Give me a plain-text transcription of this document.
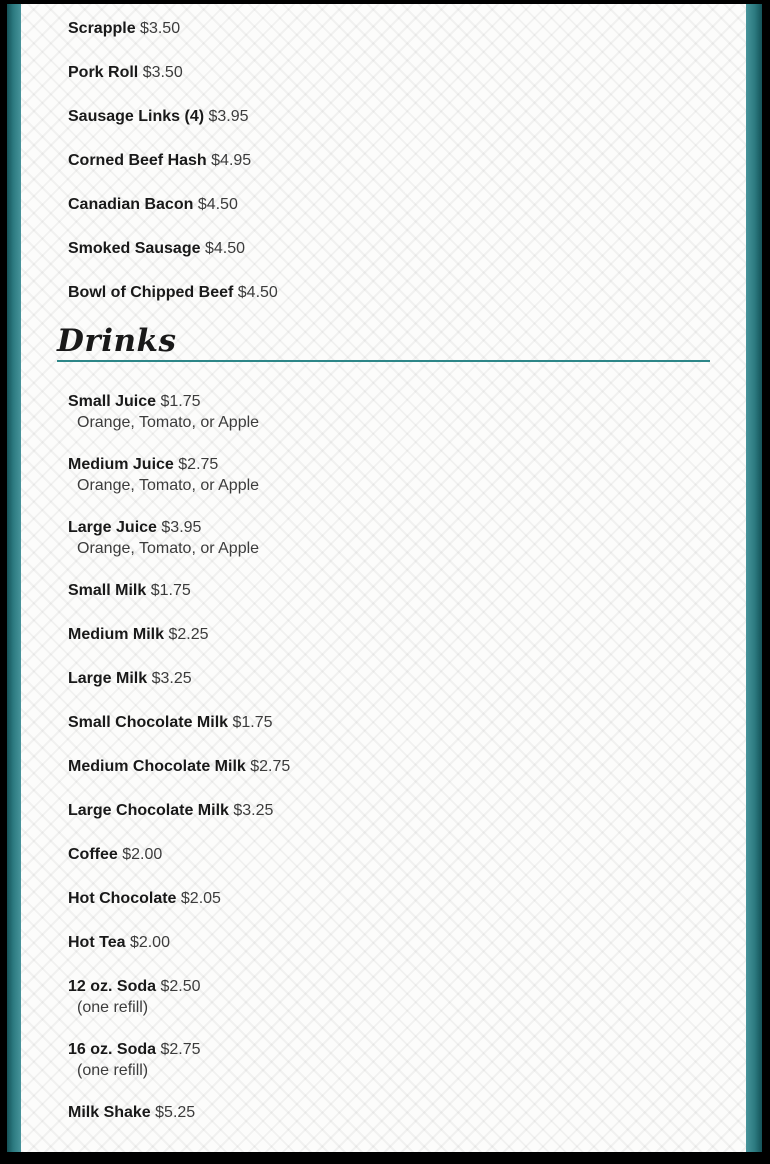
Scrapple $3.50

Pork Roll $3.50

Sausage Links (4) $3.95

Corned Beef Hash $4.95

Canadian Bacon $4.50

Smoked Sausage $4.50

Bowl of Chipped Beef $4.50

Drinks

Small Juice $1.75

Orange, Tomato, or Apple

Medium Juice $2.75

Orange, Tomato, or Apple

Large Juice $3.95

Orange, Tomato, or Apple

Small Milk $1.75

Medium Milk $2.25

Large Milk $3.25

Small Chocolate Milk $1.75

Medium Chocolate Milk $2.75

Large Chocolate Milk $3.25

Coffee $2.00

Hot Chocolate $2.05

Hot Tea $2.00

12 oz. Soda $2.50

(one refill)

16 oz. Soda $2.75

(one refill)

Milk Shake $5.25
